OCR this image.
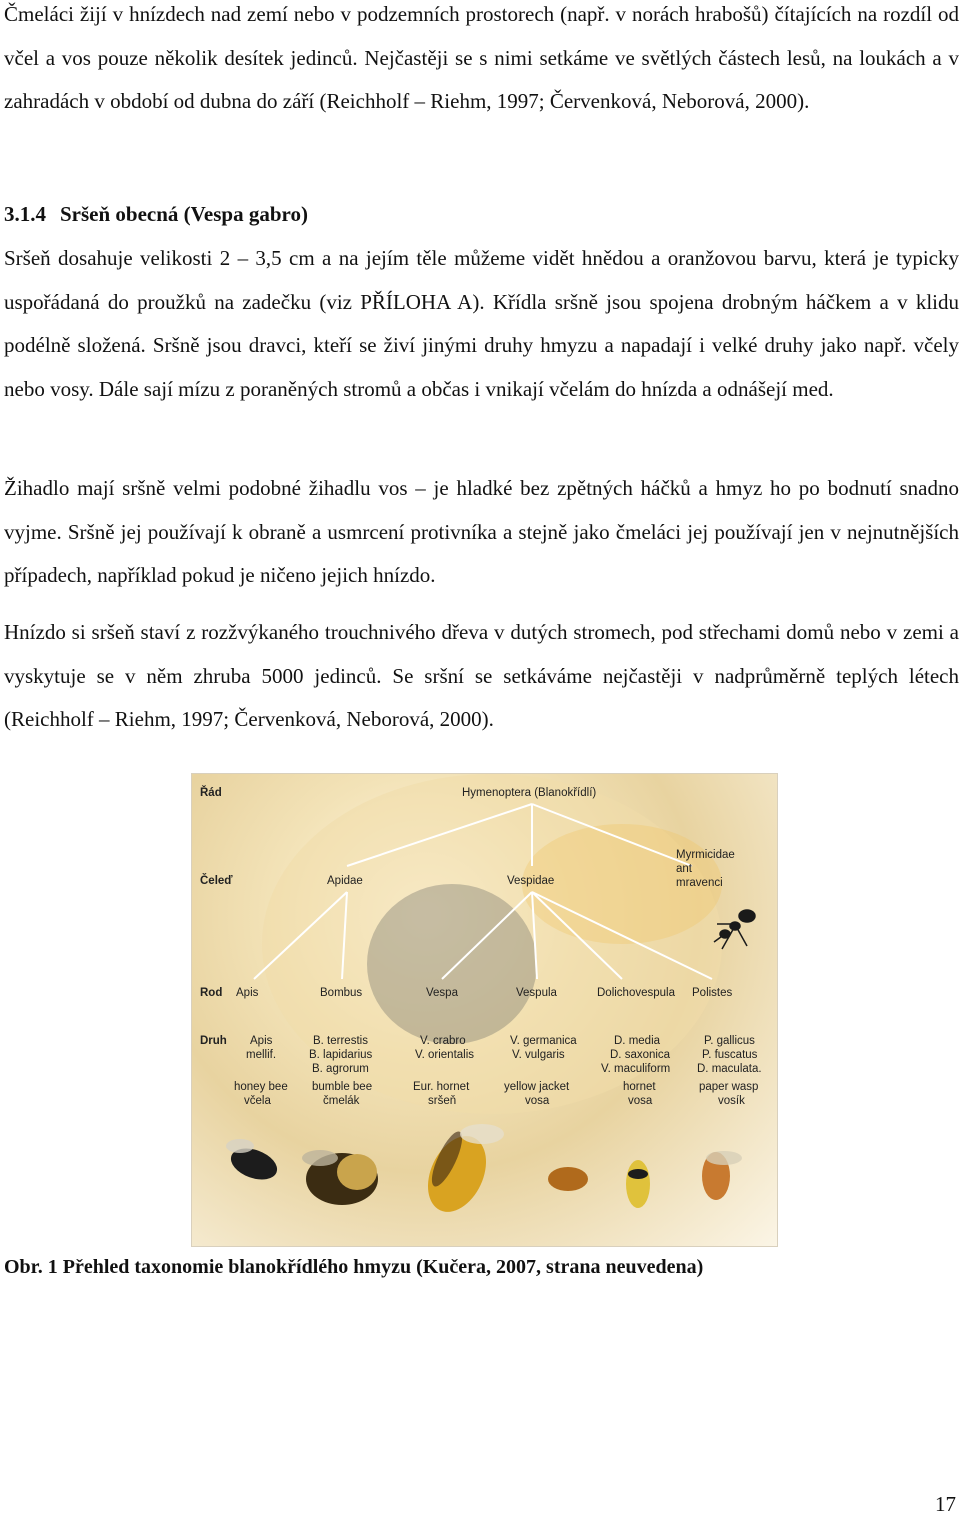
Čmeláci žijí v hnízdech nad zemí nebo v podzemních prostorech (např. v norách hrabošů) čítajících na rozdíl od včel a vos pouze několik desítek jedinců. Nejčastěji se s nimi setkáme ve světlých částech lesů, na loukách a v zahradách v období od dubna do září (Reichholf – Riehm, 1997; Červenková, Neborová, 2000).

3.1.4 Sršeň obecná (Vespa gabro)

Sršeň dosahuje velikosti 2 – 3,5 cm a na jejím těle můžeme vidět hnědou a oranžovou barvu, která je typicky uspořádaná do proužků na zadečku (viz PŘÍLOHA A). Křídla sršně jsou spojena drobným háčkem a v klidu podélně složená. Sršně jsou dravci, kteří se živí jinými druhy hmyzu a napadají i velké druhy jako např. včely nebo vosy. Dále sají mízu z poraněných stromů a občas i vnikají včelám do hnízda a odnášejí med.

Žihadlo mají sršně velmi podobné žihadlu vos – je hladké bez zpětných háčků a hmyz ho po bodnutí snadno vyjme. Sršně jej používají k obraně a usmrcení protivníka a stejně jako čmeláci jej používají jen v nejnutnějších případech, například pokud je ničeno jejich hnízdo.

Hnízdo si sršeň staví z rozžvýkaného trouchnivého dřeva v dutých stromech, pod střechami domů nebo v zemi a vyskytuje se v něm zhruba 5000 jedinců. Se sršní se setkáváme nejčastěji v nadprůměrně teplých létech (Reichholf – Riehm, 1997; Červenková, Neborová, 2000).

Řád
Čeleď
Rod
Druh
Hymenoptera (Blanokřídlí)
Apidae	Vespidae
Myrmicidae
ant
mravenci
Apis	Bombus	Vespa	Vespula	Dolichovespula Polistes
Apis
mellif.
honey bee
včela
B. terrestis
B. lapidarius
B. agrorum
bumble bee
čmelák
V. crabro
V. orientalis
Eur. hornet
sršeň
V. germanica
V. vulgaris
yellow jacket
vosa
D. media
D. saxonica
V. maculiform
hornet
vosa
P. gallicus
P. fuscatus
D. maculata.
paper wasp
vosík

Obr. 1 Přehled taxonomie blanokřídlého hmyzu (Kučera, 2007, strana neuvedena)

17
